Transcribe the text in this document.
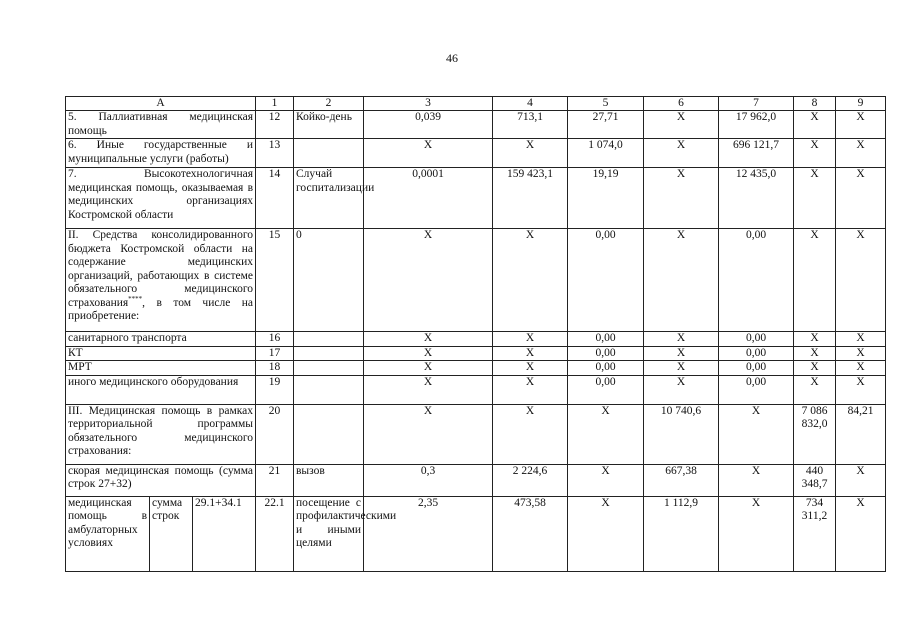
46
А			1	2	3	4	5	6	7	8	9
5. Паллиативная медицинская помощь			12	Койко-день	0,039	713,1	27,71	Х	17 962,0	Х	Х
6. Иные государственные и муниципальные услуги (работы)			13		Х	Х	1 074,0	Х	696 121,7	Х	Х
7. Высокотехнологичная медицинская помощь, оказываемая в медицинских организациях Костромской области			14	Случай госпитализации	0,0001	159 423,1	19,19	Х	12 435,0	Х	Х
II. Средства консолидированного бюджета Костромской области на содержание медицинских организаций, работающих в системе обязательного медицинского страхования****, в том числе на приобретение:			15	0	Х	Х	0,00	Х	0,00	Х	Х
санитарного транспорта			16		Х	Х	0,00	Х	0,00	Х	Х
КТ			17		Х	Х	0,00	Х	0,00	Х	Х
МРТ			18		Х	Х	0,00	Х	0,00	Х	Х
иного медицинского оборудования			19		Х	Х	0,00	Х	0,00	Х	Х
III. Медицинская помощь в рамках территориальной программы обязательного медицинского страхования:			20		Х	Х	Х	10 740,6	Х	7 086 832,0	84,21
скорая медицинская помощь (сумма строк 27+32)			21	вызов	0,3	2 224,6	Х	667,38	Х	440 348,7	Х
медицинская помощь в амбулаторных условиях	сумма строк	29.1+34.1	22.1	посещение с профилактическими и иными целями	2,35	473,58	Х	1 112,9	Х	734 311,2	Х
